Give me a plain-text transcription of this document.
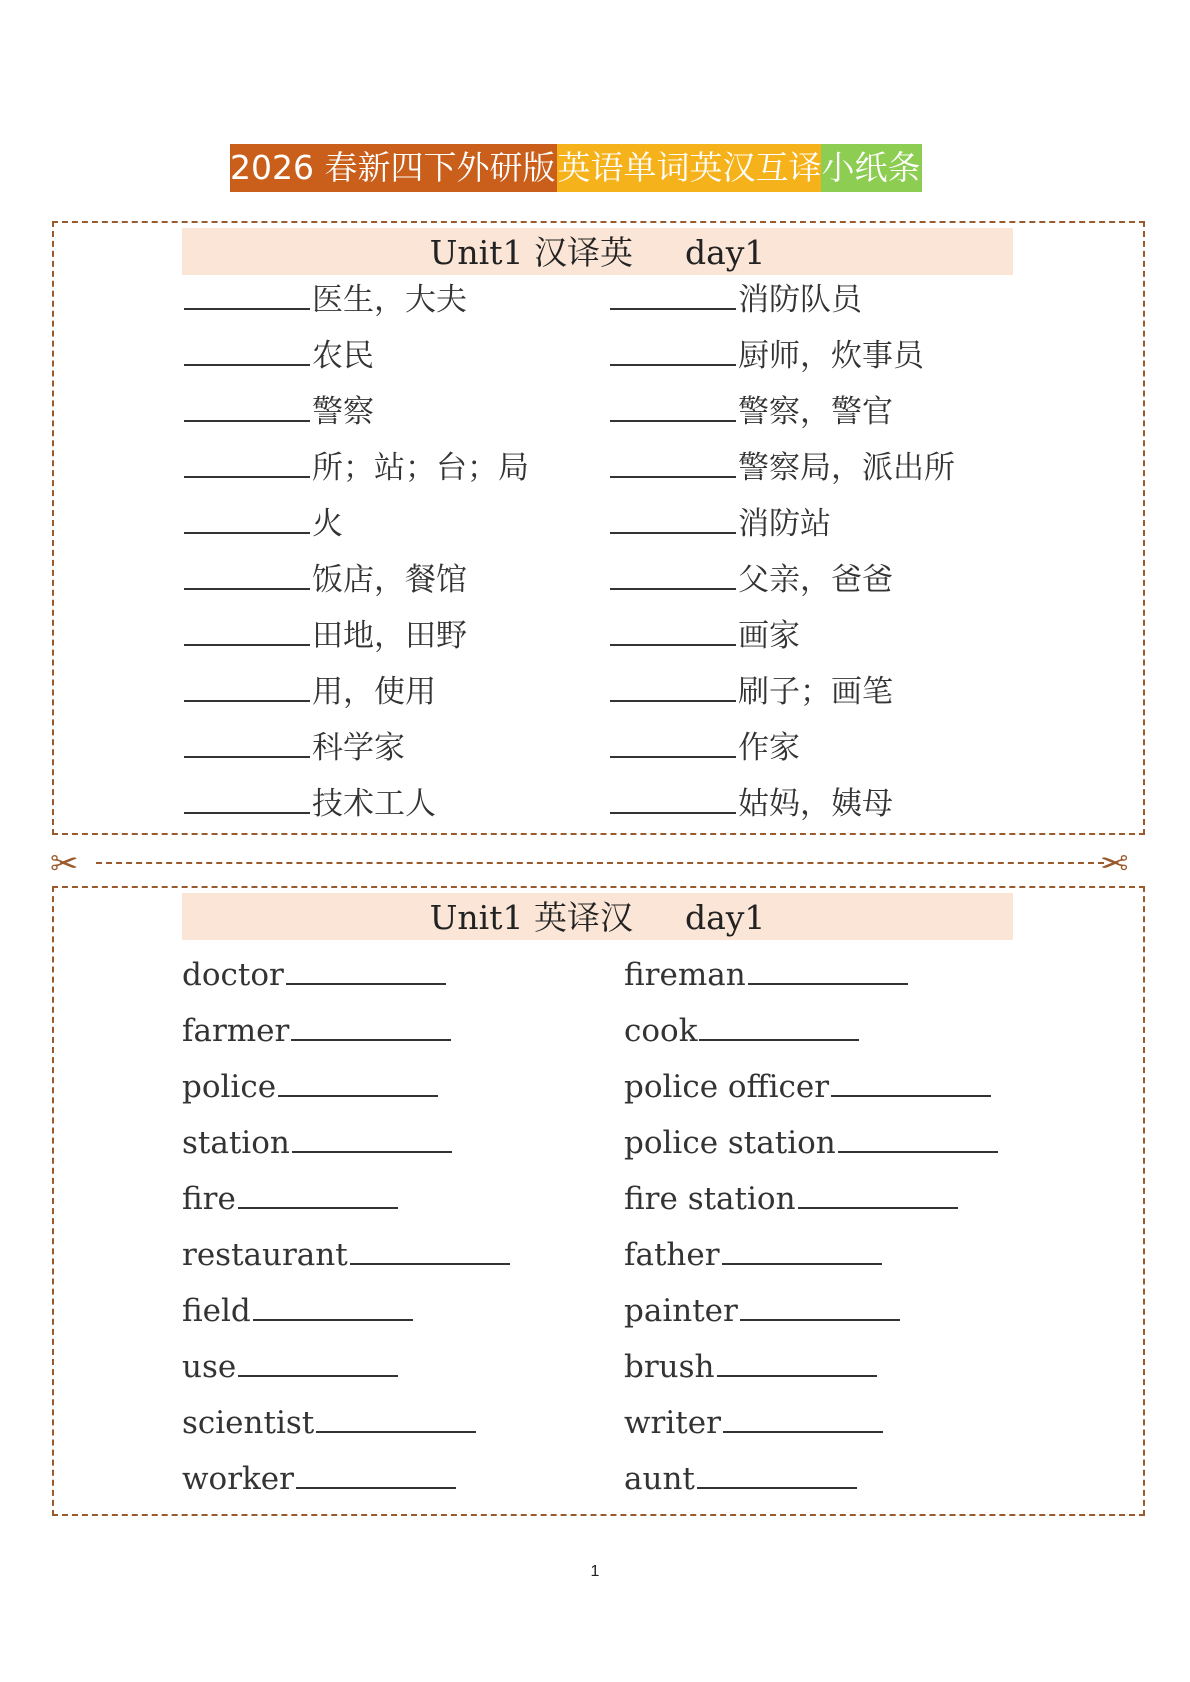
2026 春新四下外研版 英语单词英汉互译 小纸条
Unit1 汉译英 day1
医生，大夫
农民
警察
所；站；台；局
火
饭店，餐馆
田地，田野
用，使用
科学家
技术工人
消防队员
厨师，炊事员
警察，警官
警察局，派出所
消防站
父亲，爸爸
画家
刷子；画笔
作家
姑妈，姨母
✂	✂
Unit1 英译汉 day1
doctor
farmer
police
station
fire
restaurant
field
use
scientist
worker
fireman
cook
police officer
police station
fire station
father
painter
brush
writer
aunt
1
